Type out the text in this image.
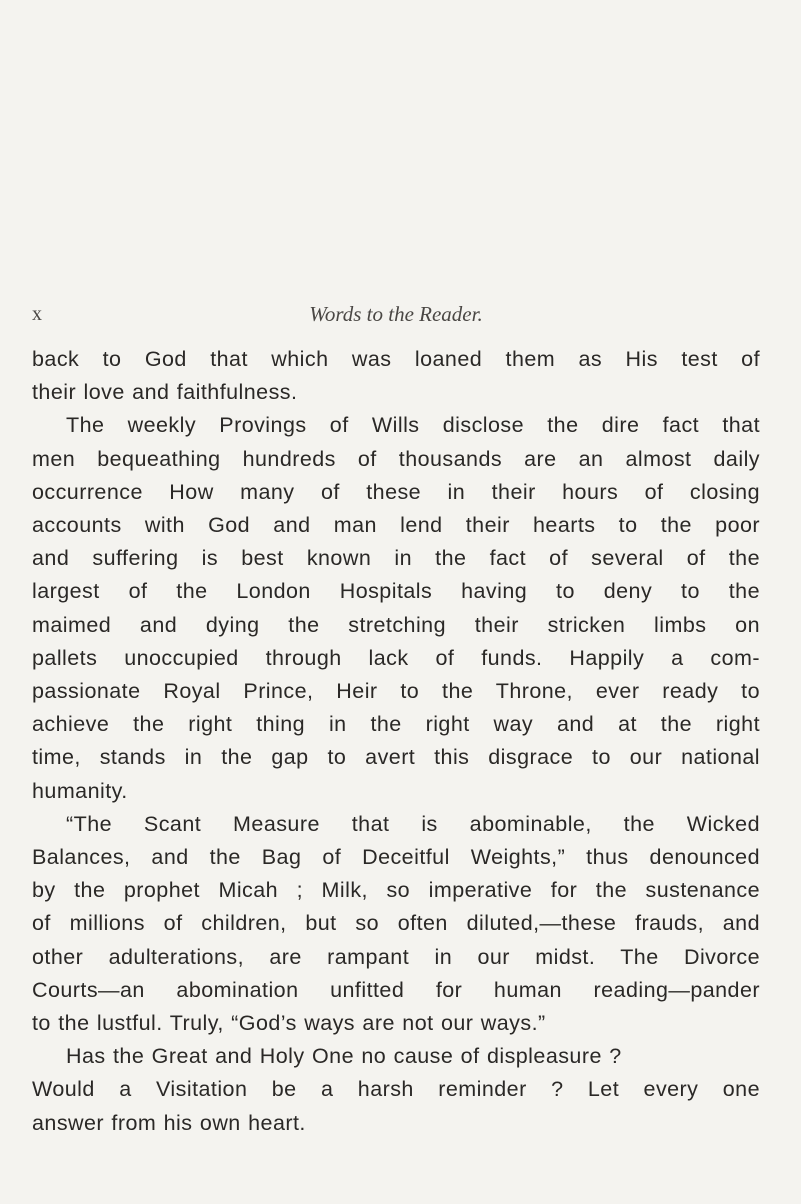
x	Words to the Reader.

back to God that which was loaned them as His test of
their love and faithfulness.

The weekly Provings of Wills disclose the dire fact that
men bequeathing hundreds of thousands are an almost daily
occurrence How many of these in their hours of closing
accounts with God and man lend their hearts to the poor
and suffering is best known in the fact of several of the
largest of the London Hospitals having to deny to the
maimed and dying the stretching their stricken limbs on
pallets unoccupied through lack of funds. Happily a com-
passionate Royal Prince, Heir to the Throne, ever ready to
achieve the right thing in the right way and at the right
time, stands in the gap to avert this disgrace to our national
humanity.

“The Scant Measure that is abominable, the Wicked
Balances, and the Bag of Deceitful Weights,” thus denounced
by the prophet Micah ; Milk, so imperative for the sustenance
of millions of children, but so often diluted,—these frauds, and
other adulterations, are rampant in our midst. The Divorce
Courts—an abomination unfitted for human reading—pander
to the lustful. Truly, “God’s ways are not our ways.”

Has the Great and Holy One no cause of displeasure ?
Would a Visitation be a harsh reminder ? Let every one
answer from his own heart.
